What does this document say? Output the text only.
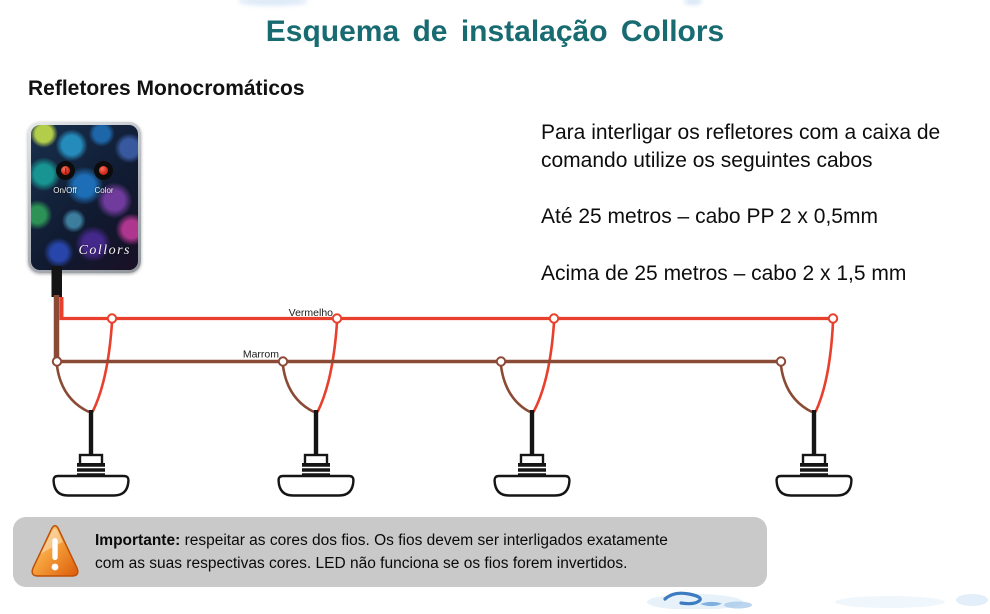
Esquema de instalação Collors
Refletores Monocromáticos
On/Off	Color
Collors

Para interligar os refletores com a caixa de comando utilize os seguintes cabos

Até 25 metros – cabo PP 2 x 0,5mm

Acima de 25 metros – cabo 2 x 1,5 mm

Vermelho
Marrom
Importante: respeitar as cores dos fios. Os fios devem ser interligados exatamente
com as suas respectivas cores. LED não funciona se os fios forem invertidos.
